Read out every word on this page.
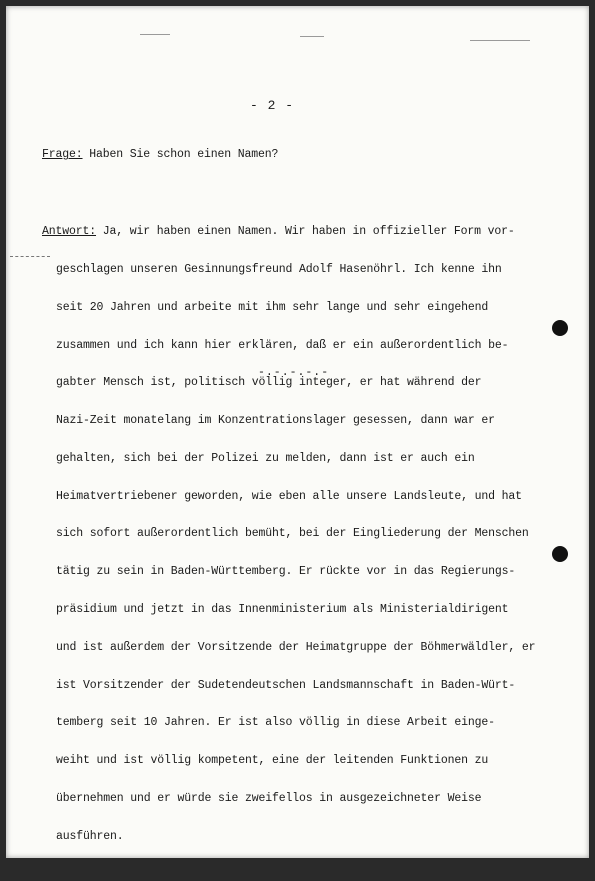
- 2 -

Frage: Haben Sie schon einen Namen?

Antwort: Ja, wir haben einen Namen. Wir haben in offizieller Form vor-

geschlagen unseren Gesinnungsfreund Adolf Hasenöhrl. Ich kenne ihn

seit 20 Jahren und arbeite mit ihm sehr lange und sehr eingehend

zusammen und ich kann hier erklären, daß er ein außerordentlich be-

gabter Mensch ist, politisch völlig integer, er hat während der

Nazi-Zeit monatelang im Konzentrationslager gesessen, dann war er

gehalten, sich bei der Polizei zu melden, dann ist er auch ein

Heimatvertriebener geworden, wie eben alle unsere Landsleute, und hat

sich sofort außerordentlich bemüht, bei der Eingliederung der Menschen

tätig zu sein in Baden-Württemberg. Er rückte vor in das Regierungs-

präsidium und jetzt in das Innenministerium als Ministerialdirigent

und ist außerdem der Vorsitzende der Heimatgruppe der Böhmerwäldler, er

ist Vorsitzender der Sudetendeutschen Landsmannschaft in Baden-Würt-

temberg seit 10 Jahren. Er ist also völlig in diese Arbeit einge-

weiht und ist völlig kompetent, eine der leitenden Funktionen zu

übernehmen und er würde sie zweifellos in ausgezeichneter Weise

ausführen.

-.-.-.-.-
